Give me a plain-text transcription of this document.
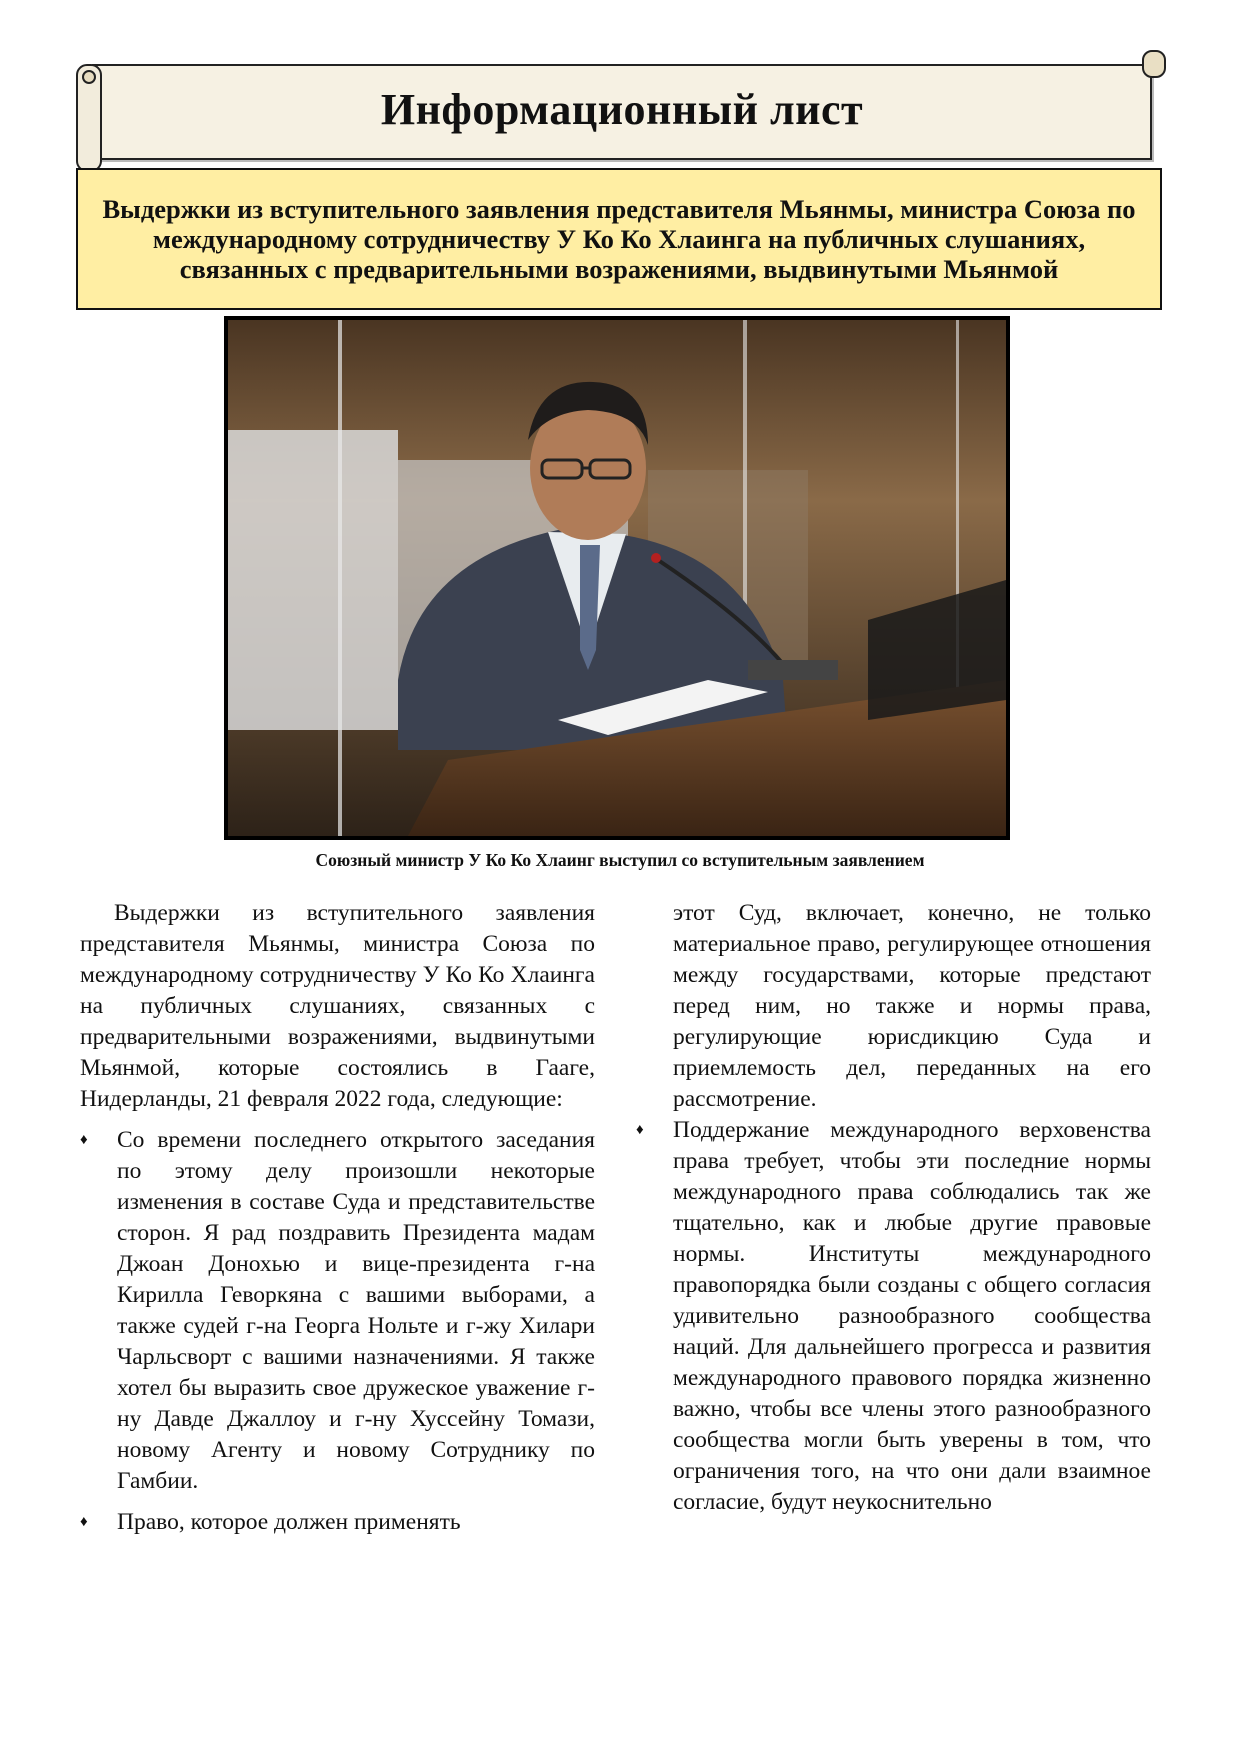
Информационный лист
Выдержки из вступительного заявления представителя Мьянмы, министра Союза по международному сотрудничеству У Ко Ко Хлаинга на публичных слушаниях, связанных с предварительными возражениями, выдвинутыми Мьянмой
Союзный министр У Ко Ко Хлаинг выступил со вступительным заявлением

Выдержки из вступительного заявления представителя Мьянмы, министра Союза по международному сотрудничеству У Ко Ко Хлаинга на публичных слушаниях, связанных с предварительными возражениями, выдвинутыми Мьянмой, которые состоялись в Гааге, Нидерланды, 21 февраля 2022 года, следующие:

♦ Со времени последнего открытого заседания по этому делу произошли некоторые изменения в составе Суда и представительстве сторон. Я рад поздравить Президента мадам Джоан Донохью и вице-президента г-на Кирилла Геворкяна с вашими выборами, а также судей г-на Георга Нольте и г-жу Хилари Чарльсворт с вашими назначениями. Я также хотел бы выразить свое дружеское уважение г-ну Давде Джаллоу и г-ну Хуссейну Томази, новому Агенту и новому Сотруднику по Гамбии.

♦ Право, которое должен применять

этот Суд, включает, конечно, не только материальное право, регулирующее отношения между государствами, которые предстают перед ним, но также и нормы права, регулирующие юрисдикцию Суда и приемлемость дел, переданных на его рассмотрение.

♦ Поддержание международного верховенства права требует, чтобы эти последние нормы международного права соблюдались так же тщательно, как и любые другие правовые нормы. Институты международного правопорядка были созданы с общего согласия удивительно разнообразного сообщества наций. Для дальнейшего прогресса и развития международного правового порядка жизненно важно, чтобы все члены этого разнообразного сообщества могли быть уверены в том, что ограничения того, на что они дали взаимное согласие, будут неукоснительно
